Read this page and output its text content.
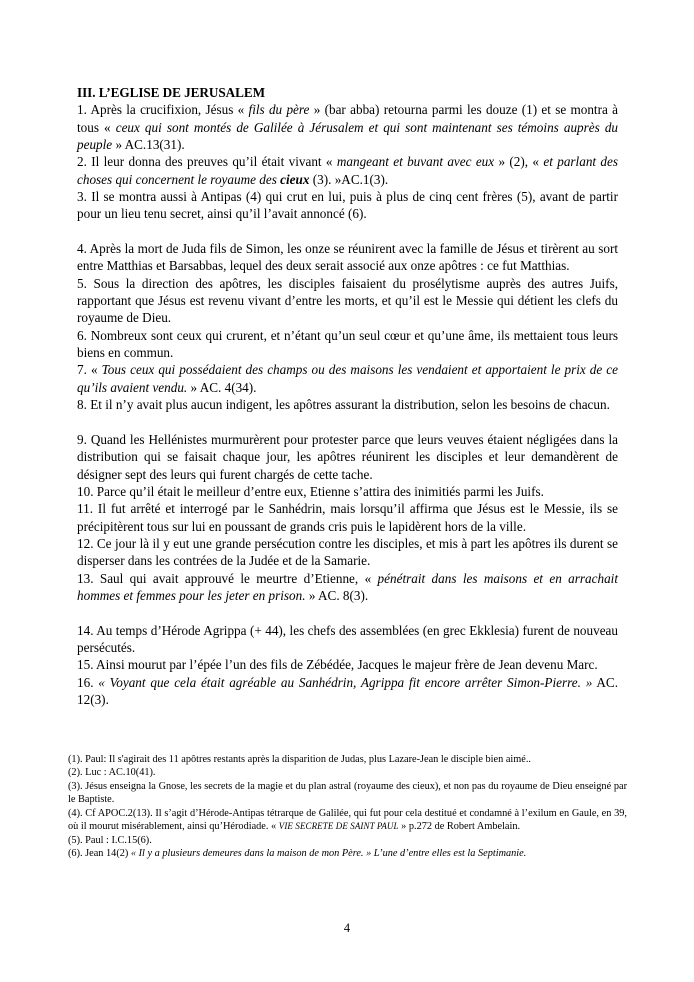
III. L’EGLISE DE JERUSALEM

1. Après la crucifixion, Jésus « fils du père » (bar abba) retourna parmi les douze (1) et se montra à tous « ceux qui sont montés de Galilée à Jérusalem et qui sont maintenant ses témoins auprès du peuple » AC.13(31).

2. Il leur donna des preuves qu’il était vivant « mangeant et buvant avec eux » (2), « et parlant des choses qui concernent le royaume des cieux (3). »AC.1(3).

3. Il se montra aussi à Antipas (4) qui crut en lui, puis à plus de cinq cent frères (5), avant de partir pour un lieu tenu secret, ainsi qu’il l’avait annoncé (6).

4. Après la mort de Juda fils de Simon, les onze se réunirent avec la famille de Jésus et tirèrent au sort entre Matthias et Barsabbas, lequel des deux serait associé aux onze apôtres : ce fut Matthias.

5. Sous la direction des apôtres, les disciples faisaient du prosélytisme auprès des autres Juifs, rapportant que Jésus est revenu vivant d’entre les morts, et qu’il est le Messie qui détient les clefs du royaume de Dieu.

6. Nombreux sont ceux qui crurent, et n’étant qu’un seul cœur et qu’une âme, ils mettaient tous leurs biens en commun.

7. « Tous ceux qui possédaient des champs ou des maisons les vendaient et apportaient le prix de ce qu’ils avaient vendu. » AC. 4(34).

8. Et il n’y avait plus aucun indigent, les apôtres assurant la distribution, selon les besoins de chacun.

9. Quand les Hellénistes murmurèrent pour protester parce que leurs veuves étaient négligées dans la distribution qui se faisait chaque jour, les apôtres réunirent les disciples et leur demandèrent de désigner sept des leurs qui furent chargés de cette tache.

10. Parce qu’il était le meilleur d’entre eux, Etienne s’attira des inimitiés parmi les Juifs.

11. Il fut arrêté et interrogé par le Sanhédrin, mais lorsqu’il affirma que Jésus est le Messie, ils se précipitèrent tous sur lui en poussant de grands cris puis le lapidèrent hors de la ville.

12. Ce jour là il y eut une grande persécution contre les disciples, et mis à part les apôtres ils durent se disperser dans les contrées de la Judée et de la Samarie.

13. Saul qui avait approuvé le meurtre d’Etienne, « pénétrait dans les maisons et en arrachait hommes et femmes pour les jeter en prison. » AC. 8(3).

14. Au temps d’Hérode Agrippa (+ 44), les chefs des assemblées (en grec Ekklesia) furent de nouveau persécutés.

15. Ainsi mourut par l’épée l’un des fils de Zébédée, Jacques le majeur frère de Jean devenu Marc.

16. « Voyant que cela était agréable au Sanhédrin, Agrippa fit encore arrêter Simon-Pierre. » AC. 12(3).

(1). Paul: Il s'agirait des 11 apôtres restants après la disparition de Judas, plus Lazare-Jean le disciple bien aimé..

(2). Luc : AC.10(41).

(3). Jésus enseigna la Gnose, les secrets de la magie et du plan astral (royaume des cieux), et non pas du royaume de Dieu enseigné par le Baptiste.

(4). Cf APOC.2(13). Il s’agit d’Hérode-Antipas tétrarque de Galilée, qui fut pour cela destitué et condamné à l’exilum en Gaule, en 39, où il mourut misérablement, ainsi qu’Hérodiade. « VIE SECRETE DE SAINT PAUL » p.272 de Robert Ambelain.

(5). Paul : I.C.15(6).

(6). Jean 14(2) « Il y a plusieurs demeures dans la maison de mon Père. » L’une d’entre elles est la Septimanie.

4
